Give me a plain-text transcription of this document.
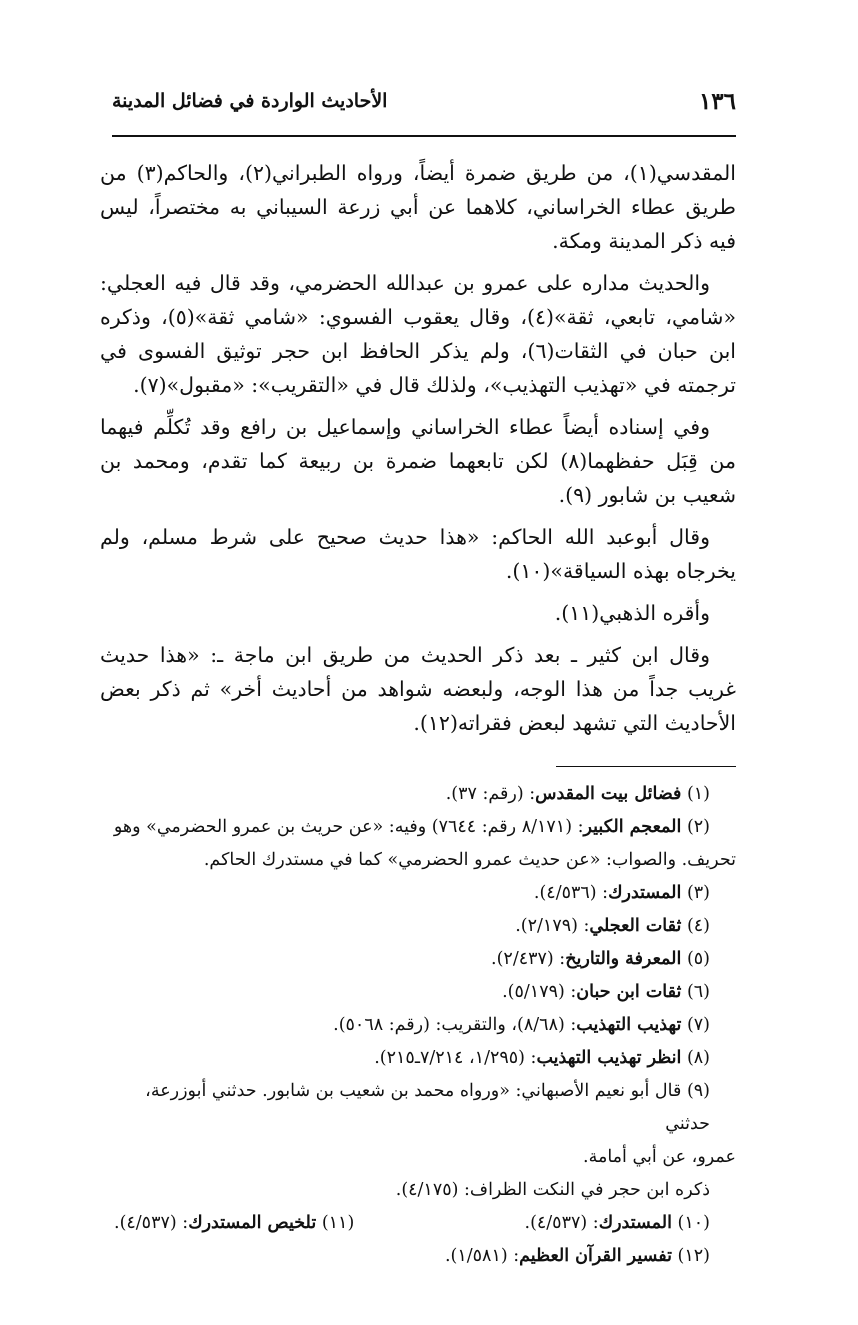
١٣٦
الأحاديث الواردة في فضائل المدينة

المقدسي(١)، من طريق ضمرة أيضاً، ورواه الطبراني(٢)، والحاكم(٣) من طريق عطاء الخراساني، كلاهما عن أبي زرعة السيباني به مختصراً، ليس فيه ذكر المدينة ومكة.

والحديث مداره على عمرو بن عبدالله الحضرمي، وقد قال فيه العجلي: «شامي، تابعي، ثقة»(٤)، وقال يعقوب الفسوي: «شامي ثقة»(٥)، وذكره ابن حبان في الثقات(٦)، ولم يذكر الحافظ ابن حجر توثيق الفسوى في ترجمته في «تهذيب التهذيب»، ولذلك قال في «التقريب»: «مقبول»(٧).

وفي إسناده أيضاً عطاء الخراساني وإسماعيل بن رافع وقد تُكلِّم فيهما من قِبَل حفظهما(٨) لكن تابعهما ضمرة بن ربيعة كما تقدم، ومحمد بن شعيب بن شابور (٩).

وقال أبوعبد الله الحاكم: «هذا حديث صحيح على شرط مسلم، ولم يخرجاه بهذه السياقة»(١٠).

وأقره الذهبي(١١).

وقال ابن كثير ـ بعد ذكر الحديث من طريق ابن ماجة ـ: «هذا حديث غريب جداً من هذا الوجه، ولبعضه شواهد من أحاديث أخر» ثم ذكر بعض الأحاديث التي تشهد لبعض فقراته(١٢).

(١) فضائل بيت المقدس: (رقم: ٣٧).

(٢) المعجم الكبير: (٨/١٧١ رقم: ٧٦٤٤) وفيه: «عن حريث بن عمرو الحضرمي» وهو

تحريف. والصواب: «عن حديث عمرو الحضرمي» كما في مستدرك الحاكم.

(٣) المستدرك: (٤/٥٣٦).

(٤) ثقات العجلي: (٢/١٧٩).

(٥) المعرفة والتاريخ: (٢/٤٣٧).

(٦) ثقات ابن حبان: (٥/١٧٩).

(٧) تهذيب التهذيب: (٨/٦٨)، والتقريب: (رقم: ٥٠٦٨).

(٨) انظر تهذيب التهذيب: (١/٢٩٥، ٧/٢١٤ـ٢١٥).

(٩) قال أبو نعيم الأصبهاني: «ورواه محمد بن شعيب بن شابور. حدثني أبوزرعة، حدثني

عمرو، عن أبي أمامة.

ذكره ابن حجر في النكت الظراف: (٤/١٧٥).

(١٠) المستدرك: (٤/٥٣٧).
(١١) تلخيص المستدرك: (٤/٥٣٧).

(١٢) تفسير القرآن العظيم: (١/٥٨١).
